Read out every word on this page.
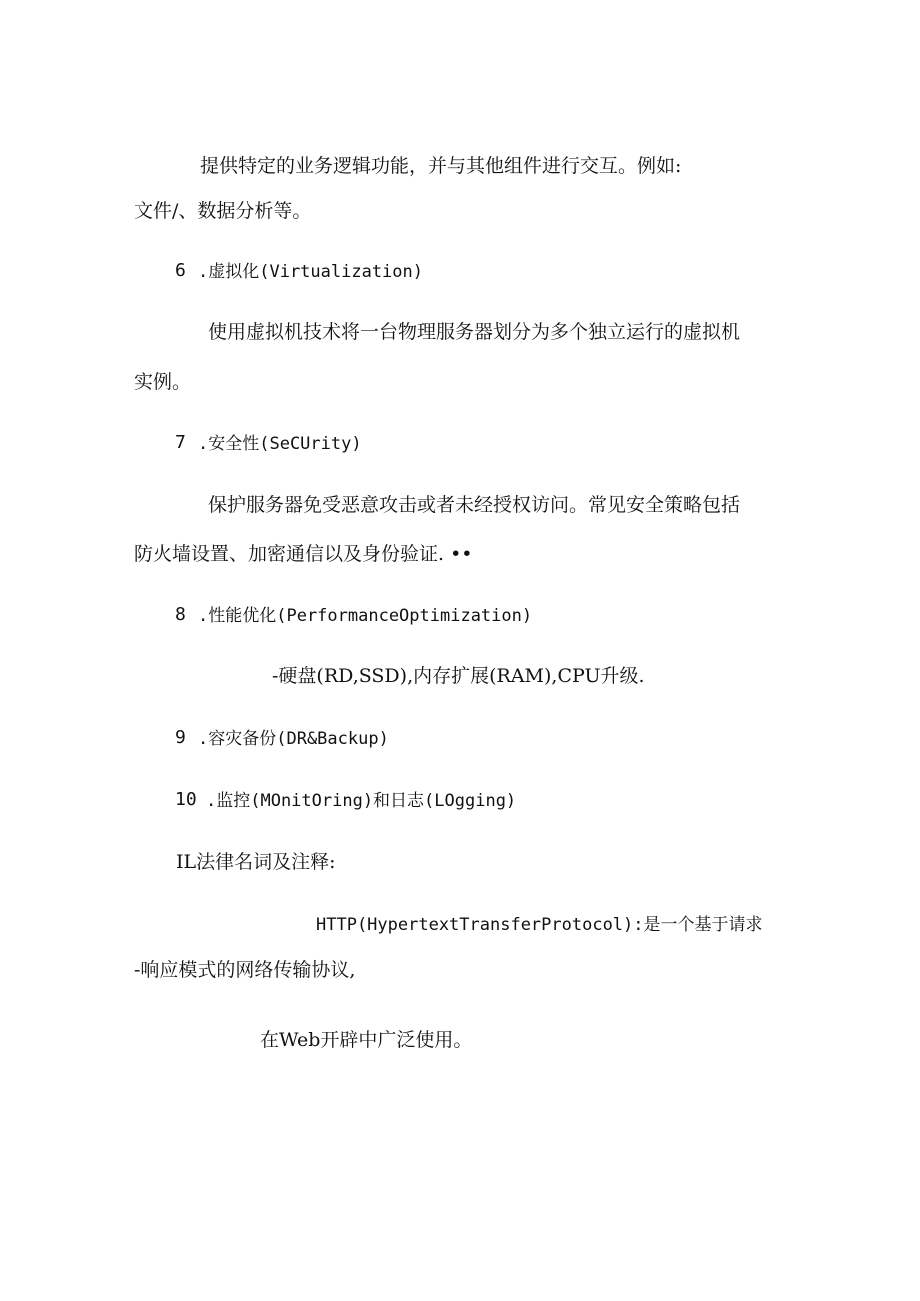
提供特定的业务逻辑功能，并与其他组件进行交互。例如:
文件/、数据分析等。
6 .虚拟化(Virtualization)
使用虚拟机技术将一台物理服务器划分为多个独立运行的虚拟机
实例。
7 .安全性(SeCUrity)
保护服务器免受恶意攻击或者未经授权访问。常见安全策略包括
防火墙设置、加密通信以及身份验证. ••
8 .性能优化(PerformanceOptimization)
-硬盘(RD,SSD),内存扩展(RAM),CPU升级.
9 .容灾备份(DR&Backup)
10 .监控(MOnitOring)和日志(LOgging)
IL法律名词及注释:
HTTP(HypertextTransferProtocol):是一个基于请求
-响应模式的网络传输协议,
在Web开辟中广泛使用。
